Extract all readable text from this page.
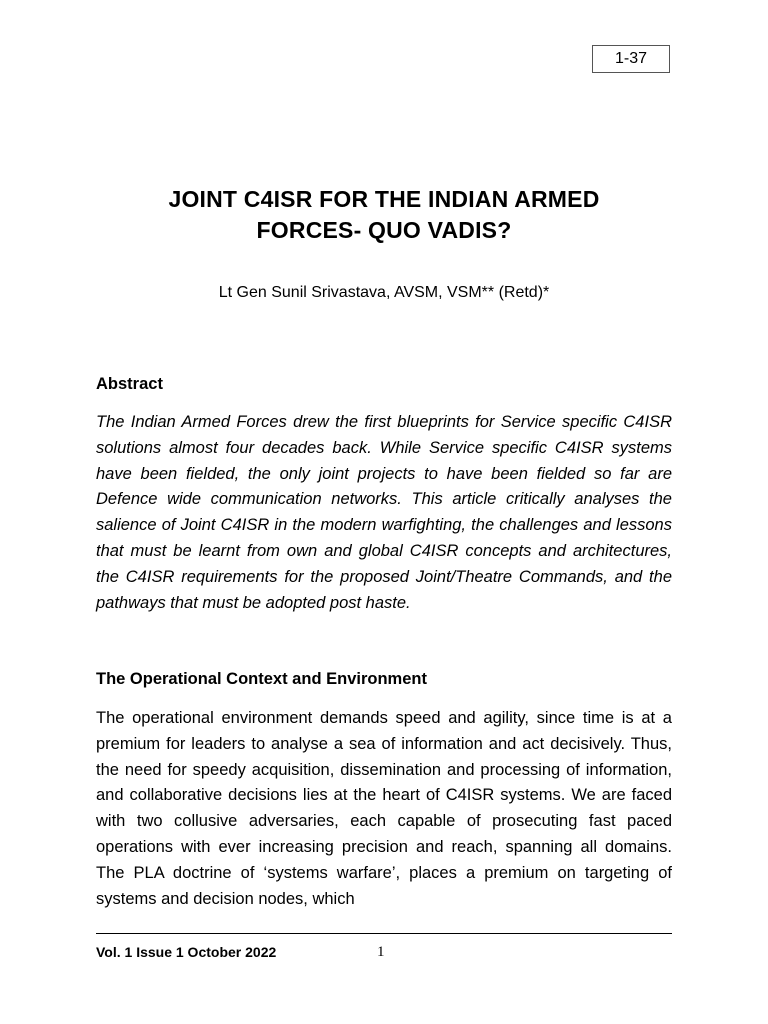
1-37
JOINT C4ISR FOR THE INDIAN ARMED
FORCES- QUO VADIS?
Lt Gen Sunil Srivastava, AVSM, VSM** (Retd)*
Abstract

The Indian Armed Forces drew the first blueprints for Service specific C4ISR solutions almost four decades back. While Service specific C4ISR systems have been fielded, the only joint projects to have been fielded so far are Defence wide communication networks. This article critically analyses the salience of Joint C4ISR in the modern warfighting, the challenges and lessons that must be learnt from own and global C4ISR concepts and architectures, the C4ISR requirements for the proposed Joint/Theatre Commands, and the pathways that must be adopted post haste.

The Operational Context and Environment

The operational environment demands speed and agility, since time is at a premium for leaders to analyse a sea of information and act decisively. Thus, the need for speedy acquisition, dissemination and processing of information, and collaborative decisions lies at the heart of C4ISR systems. We are faced with two collusive adversaries, each capable of prosecuting fast paced operations with ever increasing precision and reach, spanning all domains. The PLA doctrine of ‘systems warfare’, places a premium on targeting of systems and decision nodes, which

Vol. 1 Issue 1 October 2022	1
